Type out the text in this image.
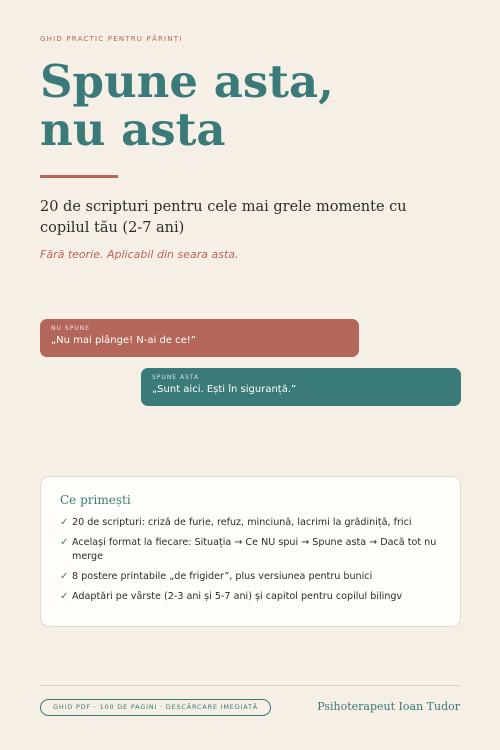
GHID PRACTIC PENTRU PĂRINȚI
Spune asta,
nu asta

20 de scripturi pentru cele mai grele momente cu copilul tău (2-7 ani)

Fără teorie. Aplicabil din seara asta.

NU SPUNE
„Nu mai plânge! N-ai de ce!”
SPUNE ASTA
„Sunt aici. Ești în siguranță.”
Ce primești
✓ 20 de scripturi: criză de furie, refuz, minciună, lacrimi la grădiniță, frici
✓ Același format la fiecare: Situația → Ce NU spui → Spune asta → Dacă tot nu merge
✓ 8 postere printabile „de frigider”, plus versiunea pentru bunici
✓ Adaptări pe vârste (2-3 ani și 5-7 ani) și capitol pentru copilul bilingv
GHID PDF · 100 DE PAGINI · DESCĂRCARE IMEDIATĂ	Psihoterapeut Ioan Tudor
